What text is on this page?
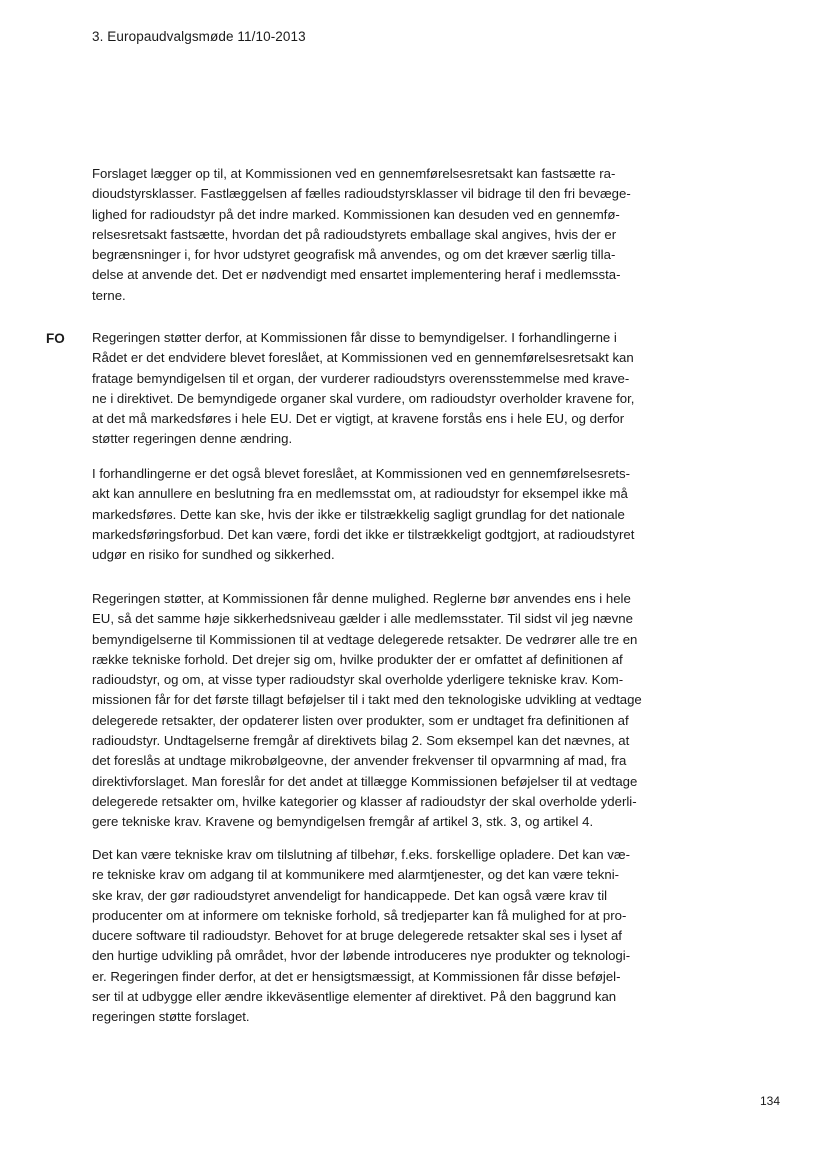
3. Europaudvalgsmøde 11/10-2013
FO

Forslaget lægger op til, at Kommissionen ved en gennemførelsesretsakt kan fastsætte ra-
dioudstyrsklasser. Fastlæggelsen af fælles radioudstyrsklasser vil bidrage til den fri bevæge-
lighed for radioudstyr på det indre marked. Kommissionen kan desuden ved en gennemfø-
relsesretsakt fastsætte, hvordan det på radioudstyrets emballage skal angives, hvis der er
begrænsninger i, for hvor udstyret geografisk må anvendes, og om det kræver særlig tilla-
delse at anvende det. Det er nødvendigt med ensartet implementering heraf i medlemssta-
terne.

Regeringen støtter derfor, at Kommissionen får disse to bemyndigelser. I forhandlingerne i
Rådet er det endvidere blevet foreslået, at Kommissionen ved en gennemførelsesretsakt kan
fratage bemyndigelsen til et organ, der vurderer radioudstyrs overensstemmelse med krave-
ne i direktivet. De bemyndigede organer skal vurdere, om radioudstyr overholder kravene for,
at det må markedsføres i hele EU. Det er vigtigt, at kravene forstås ens i hele EU, og derfor
støtter regeringen denne ændring.

I forhandlingerne er det også blevet foreslået, at Kommissionen ved en gennemførelsesrets-
akt kan annullere en beslutning fra en medlemsstat om, at radioudstyr for eksempel ikke må
markedsføres. Dette kan ske, hvis der ikke er tilstrækkelig sagligt grundlag for det nationale
markedsføringsforbud. Det kan være, fordi det ikke er tilstrækkeligt godtgjort, at radioudstyret
udgør en risiko for sundhed og sikkerhed.

Regeringen støtter, at Kommissionen får denne mulighed. Reglerne bør anvendes ens i hele
EU, så det samme høje sikkerhedsniveau gælder i alle medlemsstater. Til sidst vil jeg nævne
bemyndigelserne til Kommissionen til at vedtage delegerede retsakter. De vedrører alle tre en
række tekniske forhold. Det drejer sig om, hvilke produkter der er omfattet af definitionen af
radioudstyr, og om, at visse typer radioudstyr skal overholde yderligere tekniske krav. Kom-
missionen får for det første tillagt beføjelser til i takt med den teknologiske udvikling at vedtage
delegerede retsakter, der opdaterer listen over produkter, som er undtaget fra definitionen af
radioudstyr. Undtagelserne fremgår af direktivets bilag 2. Som eksempel kan det nævnes, at
det foreslås at undtage mikrobølgeovne, der anvender frekvenser til opvarmning af mad, fra
direktivforslaget. Man foreslår for det andet at tillægge Kommissionen beføjelser til at vedtage
delegerede retsakter om, hvilke kategorier og klasser af radioudstyr der skal overholde yderli-
gere tekniske krav. Kravene og bemyndigelsen fremgår af artikel 3, stk. 3, og artikel 4.

Det kan være tekniske krav om tilslutning af tilbehør, f.eks. forskellige opladere. Det kan væ-
re tekniske krav om adgang til at kommunikere med alarmtjenester, og det kan være tekni-
ske krav, der gør radioudstyret anvendeligt for handicappede. Det kan også være krav til
producenter om at informere om tekniske forhold, så tredjeparter kan få mulighed for at pro-
ducere software til radioudstyr. Behovet for at bruge delegerede retsakter skal ses i lyset af
den hurtige udvikling på området, hvor der løbende introduceres nye produkter og teknologi-
er. Regeringen finder derfor, at det er hensigtsmæssigt, at Kommissionen får disse beføjel-
ser til at udbygge eller ændre ikkeväsentlige elementer af direktivet. På den baggrund kan
regeringen støtte forslaget.

134
